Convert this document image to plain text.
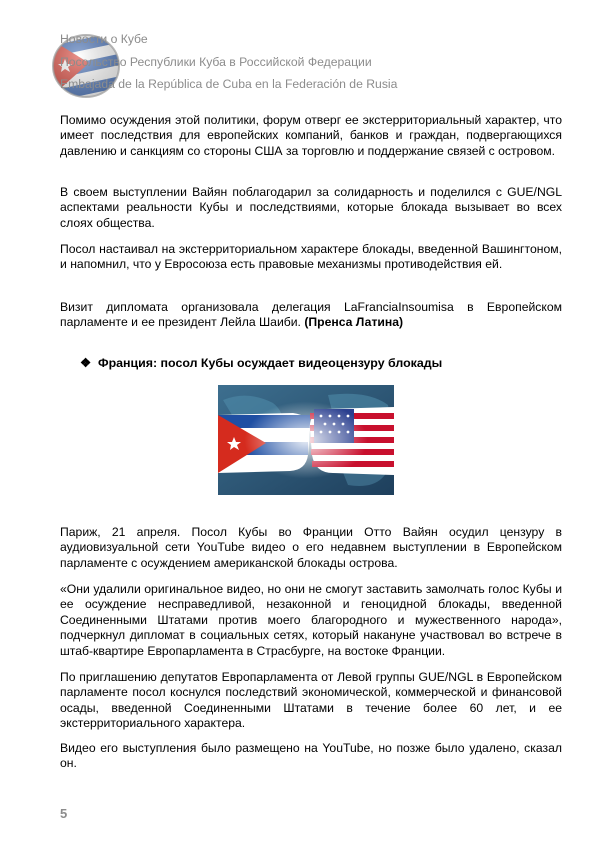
Новости о Кубе
Посольство Республики Куба в Российской Федерации
Embajada de la República de Cuba en la Federación de Rusia

Помимо осуждения этой политики, форум отверг ее экстерриториальный характер, что имеет последствия для европейских компаний, банков и граждан, подвергающихся давлению и санкциям со стороны США за торговлю и поддержание связей с островом.

В своем выступлении Вайян поблагодарил за солидарность и поделился с GUE/NGL аспектами реальности Кубы и последствиями, которые блокада вызывает во всех слоях общества.

Посол настаивал на экстерриториальном характере блокады, введенной Вашингтоном, и напомнил, что у Евросоюза есть правовые механизмы противодействия ей.

Визит дипломата организовала делегация LaFranciaInsoumisa в Европейском парламенте и ее президент Лейла Шаиби. (Пренса Латина)

❖ Франция: посол Кубы осуждает видеоцензуру блокады

Париж, 21 апреля. Посол Кубы во Франции Отто Вайян осудил цензуру в аудиовизуальной сети YouTube видео о его недавнем выступлении в Европейском парламенте с осуждением американской блокады острова.

«Они удалили оригинальное видео, но они не смогут заставить замолчать голос Кубы и ее осуждение несправедливой, незаконной и геноцидной блокады, введенной Соединенными Штатами против моего благородного и мужественного народа», подчеркнул дипломат в социальных сетях, который накануне участвовал во встрече в штаб-квартире Европарламента в Страсбурге, на востоке Франции.

По приглашению депутатов Европарламента от Левой группы GUE/NGL в Европейском парламенте посол коснулся последствий экономической, коммерческой и финансовой осады, введенной Соединенными Штатами в течение более 60 лет, и ее экстерриториального характера.

Видео его выступления было размещено на YouTube, но позже было удалено, сказал он.

5
